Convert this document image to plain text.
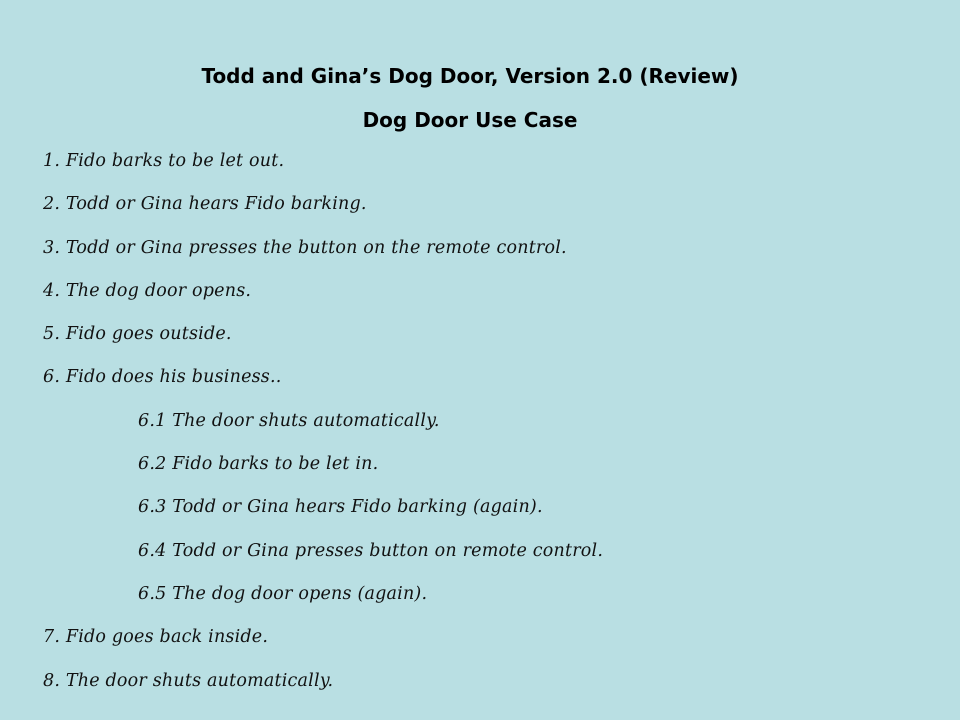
Todd and Gina’s Dog Door, Version 2.0 (Review)
Dog Door Use Case
1. Fido barks to be let out.
2. Todd or Gina hears Fido barking.
3. Todd or Gina presses the button on the remote control.
4. The dog door opens.
5. Fido goes outside.
6. Fido does his business..
6.1 The door shuts automatically.
6.2 Fido barks to be let in.
6.3 Todd or Gina hears Fido barking (again).
6.4 Todd or Gina presses button on remote control.
6.5 The dog door opens (again).
7. Fido goes back inside.
8. The door shuts automatically.
